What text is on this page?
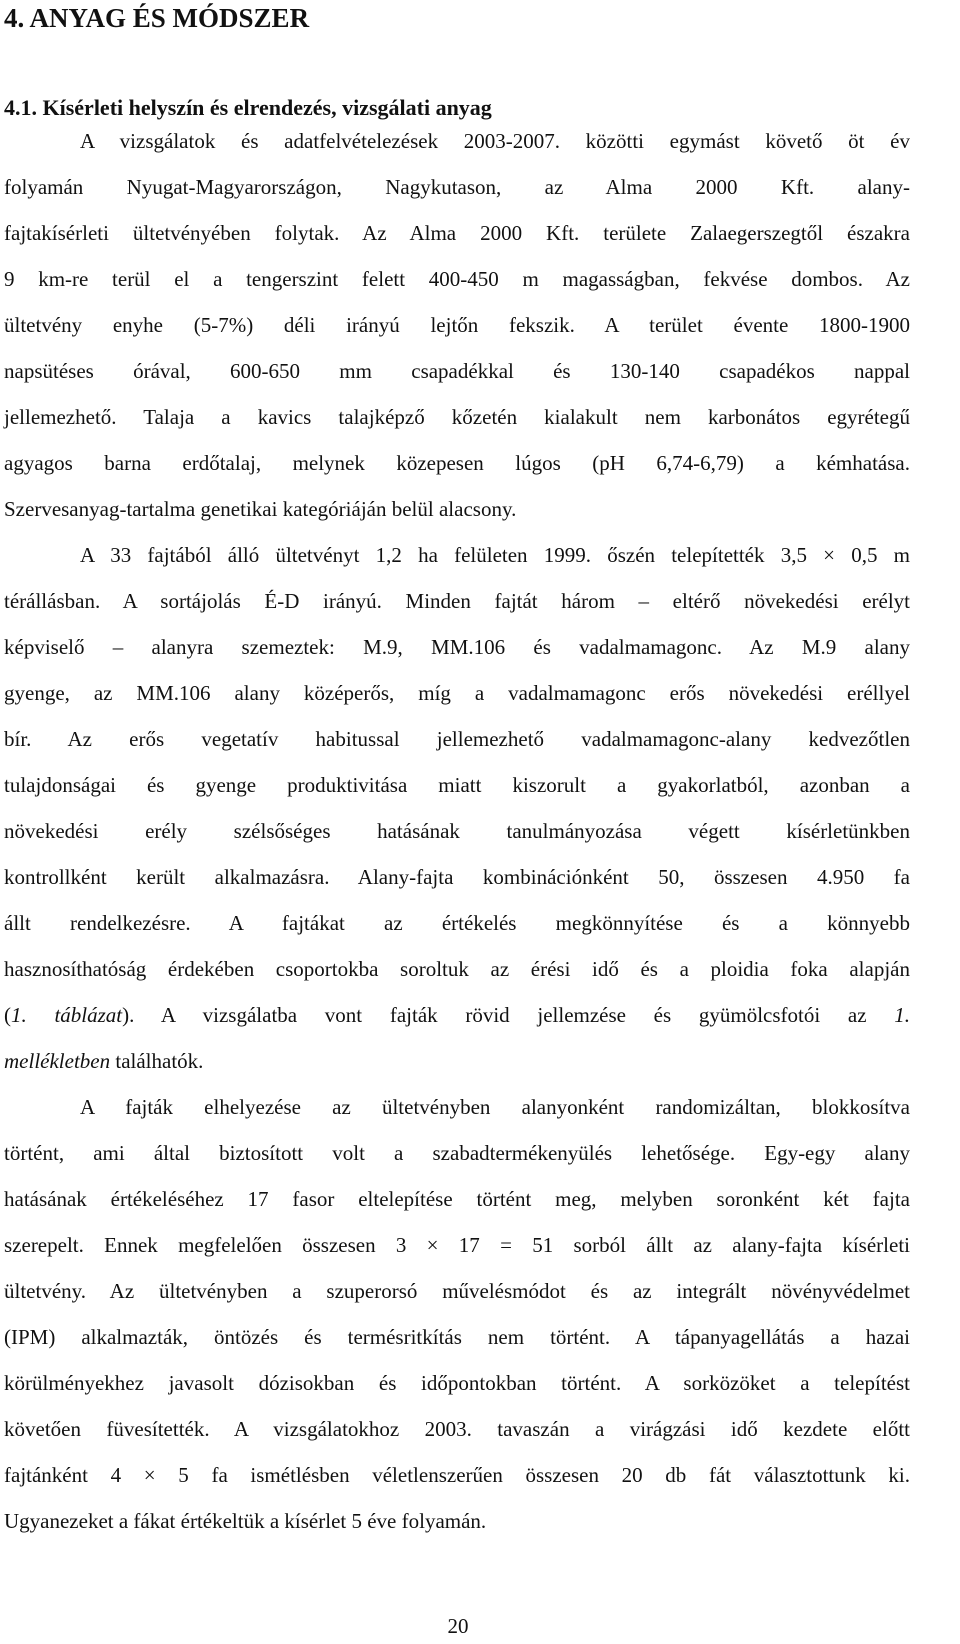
4. ANYAG ÉS MÓDSZER
4.1. Kísérleti helyszín és elrendezés, vizsgálati anyag
A vizsgálatok és adatfelvételezések 2003-2007. közötti egymást követő öt év
folyamán Nyugat-Magyarországon, Nagykutason, az Alma 2000 Kft. alany-
fajtakísérleti ültetvényében folytak. Az Alma 2000 Kft. területe Zalaegerszegtől északra
9 km-re terül el a tengerszint felett 400-450 m magasságban, fekvése dombos. Az
ültetvény enyhe (5-7%) déli irányú lejtőn fekszik. A terület évente 1800-1900
napsütéses órával, 600-650 mm csapadékkal és 130-140 csapadékos nappal
jellemezhető. Talaja a kavics talajképző kőzetén kialakult nem karbonátos egyrétegű
agyagos barna erdőtalaj, melynek közepesen lúgos (pH 6,74-6,79) a kémhatása.
Szervesanyag-tartalma genetikai kategóriáján belül alacsony.
A 33 fajtából álló ültetvényt 1,2 ha felületen 1999. őszén telepítették 3,5 × 0,5 m
térállásban. A sortájolás É-D irányú. Minden fajtát három – eltérő növekedési erélyt
képviselő – alanyra szemeztek: M.9, MM.106 és vadalmamagonc. Az M.9 alany
gyenge, az MM.106 alany középerős, míg a vadalmamagonc erős növekedési eréllyel
bír. Az erős vegetatív habitussal jellemezhető vadalmamagonc-alany kedvezőtlen
tulajdonságai és gyenge produktivitása miatt kiszorult a gyakorlatból, azonban a
növekedési erély szélsőséges hatásának tanulmányozása végett kísérletünkben
kontrollként került alkalmazásra. Alany-fajta kombinációnként 50, összesen 4.950 fa
állt rendelkezésre. A fajtákat az értékelés megkönnyítése és a könnyebb
hasznosíthatóság érdekében csoportokba soroltuk az érési idő és a ploidia foka alapján
(1. táblázat). A vizsgálatba vont fajták rövid jellemzése és gyümölcsfotói az 1.
mellékletben találhatók.
A fajták elhelyezése az ültetvényben alanyonként randomizáltan, blokkosítva
történt, ami által biztosított volt a szabadtermékenyülés lehetősége. Egy-egy alany
hatásának értékeléséhez 17 fasor eltelepítése történt meg, melyben soronként két fajta
szerepelt. Ennek megfelelően összesen 3 × 17 = 51 sorból állt az alany-fajta kísérleti
ültetvény. Az ültetvényben a szuperorsó művelésmódot és az integrált növényvédelmet
(IPM) alkalmazták, öntözés és termésritkítás nem történt. A tápanyagellátás a hazai
körülményekhez javasolt dózisokban és időpontokban történt. A sorközöket a telepítést
követően füvesítették. A vizsgálatokhoz 2003. tavaszán a virágzási idő kezdete előtt
fajtánként 4 × 5 fa ismétlésben véletlenszerűen összesen 20 db fát választottunk ki.
Ugyanezeket a fákat értékeltük a kísérlet 5 éve folyamán.
20
